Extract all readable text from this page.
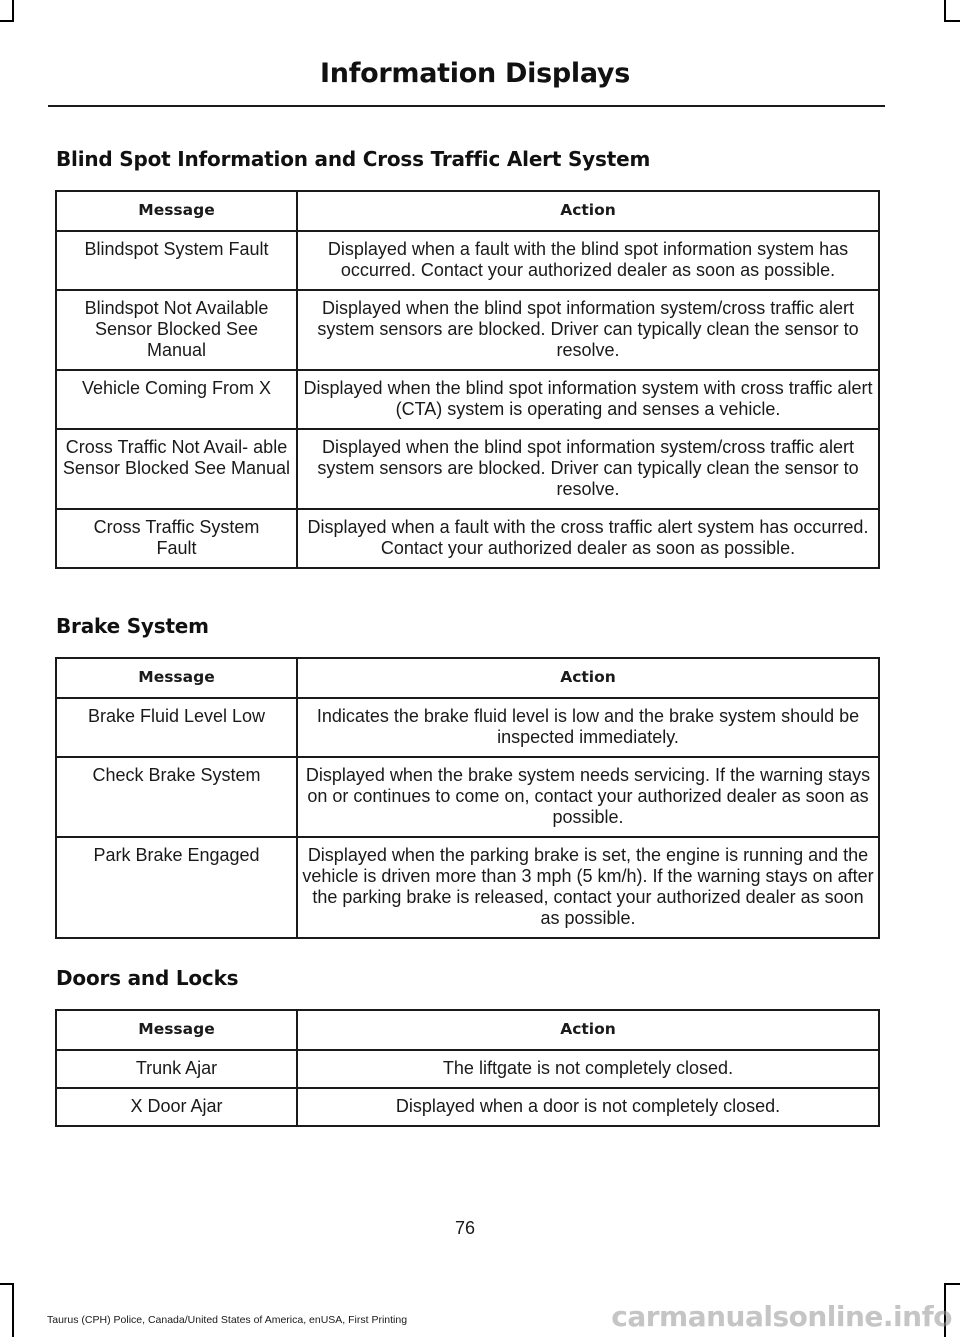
Information Displays
Blind Spot Information and Cross Traffic Alert System
Message	Action
Blindspot System Fault	Displayed when a fault with the blind spot information system has occurred. Contact your authorized dealer as soon as possible.
Blindspot Not Available Sensor Blocked See Manual	Displayed when the blind spot information system/cross traffic alert system sensors are blocked. Driver can typically clean the sensor to resolve.
Vehicle Coming From X	Displayed when the blind spot information system with cross traffic alert (CTA) system is operating and senses a vehicle.
Cross Traffic Not Avail- able Sensor Blocked See Manual	Displayed when the blind spot information system/cross traffic alert system sensors are blocked. Driver can typically clean the sensor to resolve.
Cross Traffic System Fault	Displayed when a fault with the cross traffic alert system has occurred. Contact your authorized dealer as soon as possible.
Brake System
Message	Action
Brake Fluid Level Low	Indicates the brake fluid level is low and the brake system should be inspected immediately.
Check Brake System	Displayed when the brake system needs servicing. If the warning stays on or continues to come on, contact your authorized dealer as soon as possible.
Park Brake Engaged	Displayed when the parking brake is set, the engine is running and the vehicle is driven more than 3 mph (5 km/h). If the warning stays on after the parking brake is released, contact your authorized dealer as soon as possible.
Doors and Locks
Message	Action
Trunk Ajar	The liftgate is not completely closed.
X Door Ajar	Displayed when a door is not completely closed.
76
Taurus (CPH) Police, Canada/United States of America, enUSA, First Printing	carmanualsonline.info
